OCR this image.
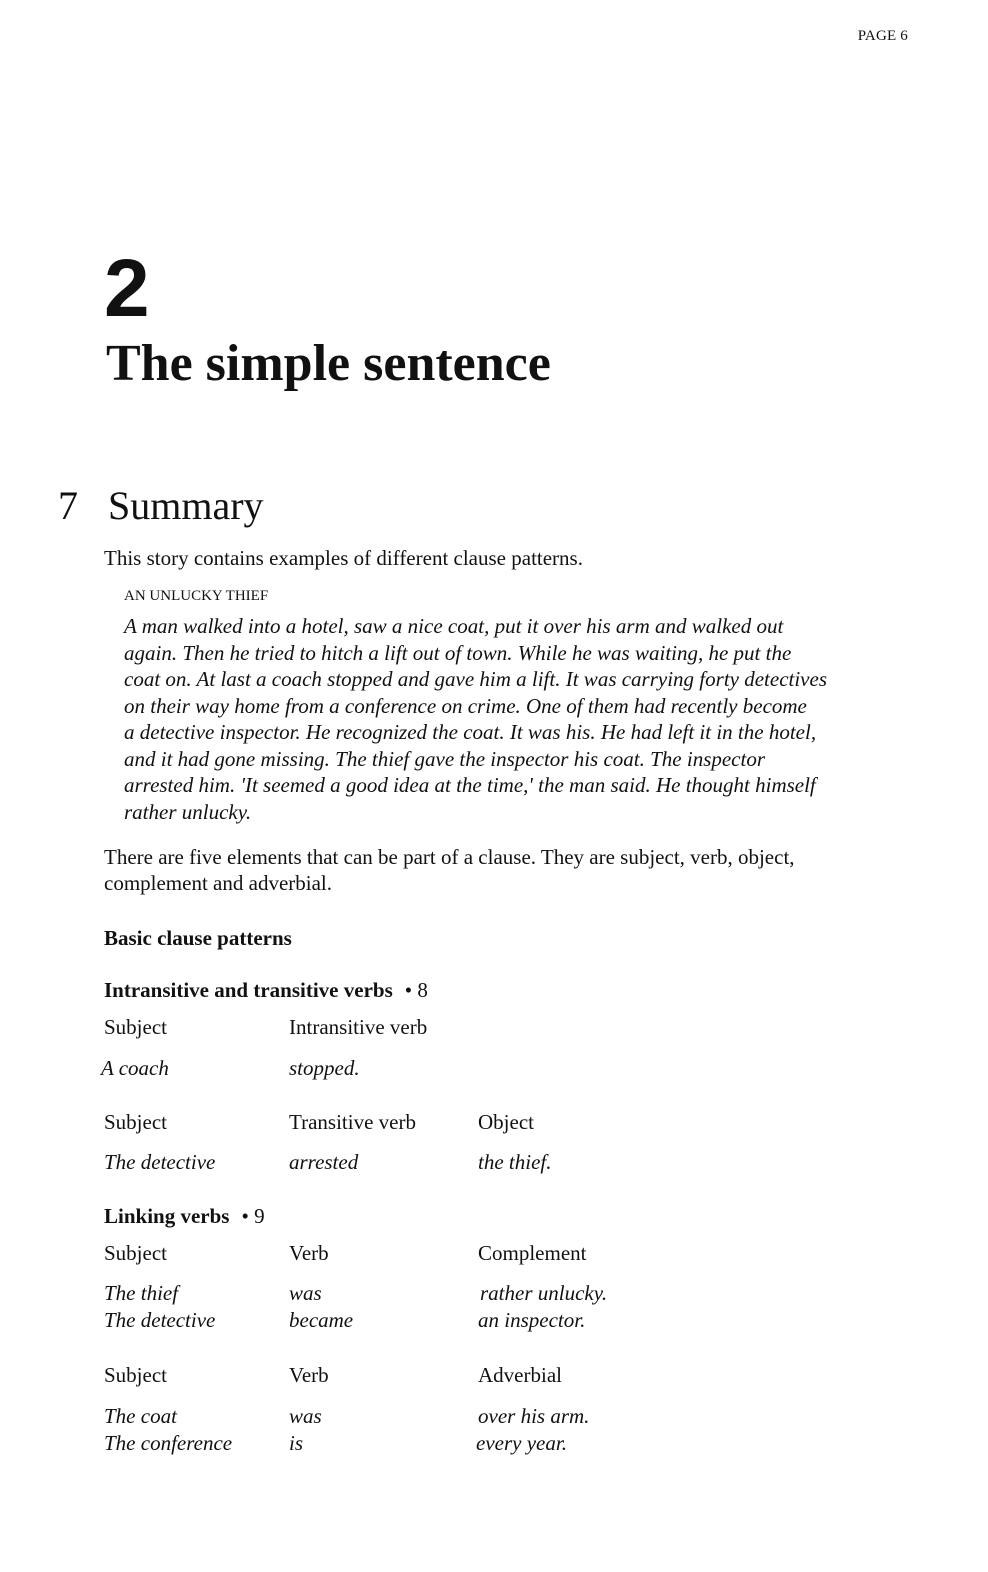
PAGE 6
2
The simple sentence
7 Summary
This story contains examples of different clause patterns.
AN UNLUCKY THIEF

A man walked into a hotel, saw a nice coat, put it over his arm and walked out
again. Then he tried to hitch a lift out of town. While he was waiting, he put the
coat on. At last a coach stopped and gave him a lift. It was carrying forty detectives
on their way home from a conference on crime. One of them had recently become
a detective inspector. He recognized the coat. It was his. He had left it in the hotel,
and it had gone missing. The thief gave the inspector his coat. The inspector
arrested him. 'It seemed a good idea at the time,' the man said. He thought himself
rather unlucky.

There are five elements that can be part of a clause. They are subject, verb, object,
complement and adverbial.

Basic clause patterns
Intransitive and transitive verbs • 8
Subject	Intransitive verb
A coach	stopped.
Subject	Transitive verb	Object
The detective	arrested	the thief.
Linking verbs • 9
Subject	Verb	Complement
The thief	was	rather unlucky.
The detective	became	an inspector.
Subject	Verb	Adverbial
The coat	was	over his arm.
The conference	is	every year.
